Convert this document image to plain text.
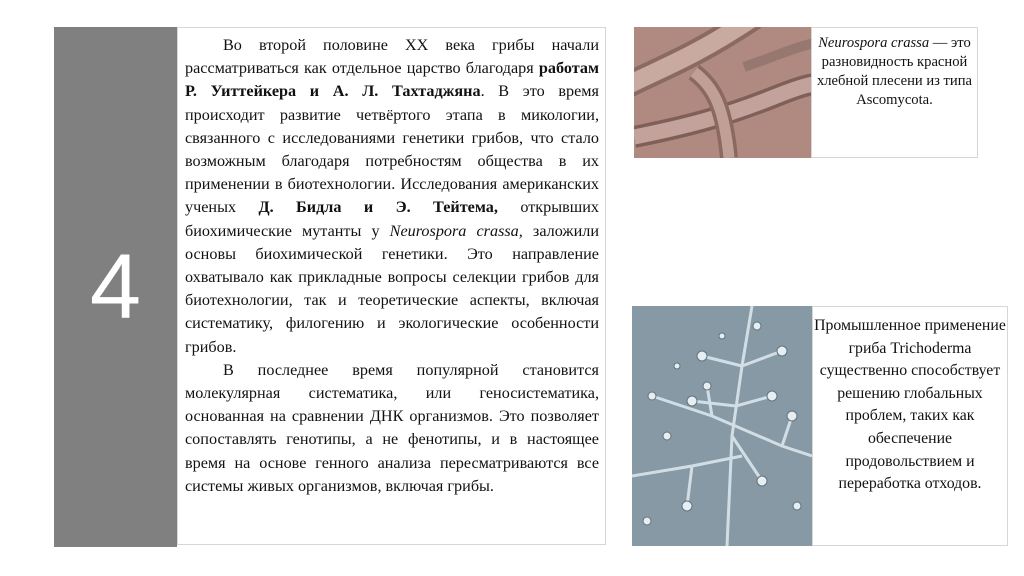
4

Во второй половине XX века грибы начали рассматриваться как отдельное царство благодаря работам Р. Уиттейкера и А. Л. Тахтаджяна. В это время происходит развитие четвёртого этапа в микологии, связанного с исследованиями генетики грибов, что стало возможным благодаря потребностям общества в их применении в биотехнологии. Исследования американских ученых Д. Бидла и Э. Тейтема, открывших биохимические мутанты у Neurospora crassa, заложили основы биохимической генетики. Это направление охватывало как прикладные вопросы селекции грибов для биотехнологии, так и теоретические аспекты, включая систематику, филогению и экологические особенности грибов.

В последнее время популярной становится молекулярная систематика, или геносистематика, основанная на сравнении ДНК организмов. Это позволяет сопоставлять генотипы, а не фенотипы, и в настоящее время на основе генного анализа пересматриваются все системы живых организмов, включая грибы.

Neurospora crassa — это разновидность красной хлебной плесени из типа Ascomycota.
Промышленное применение гриба Trichoderma существенно способствует решению глобальных проблем, таких как обеспечение продовольствием и переработка отходов.
